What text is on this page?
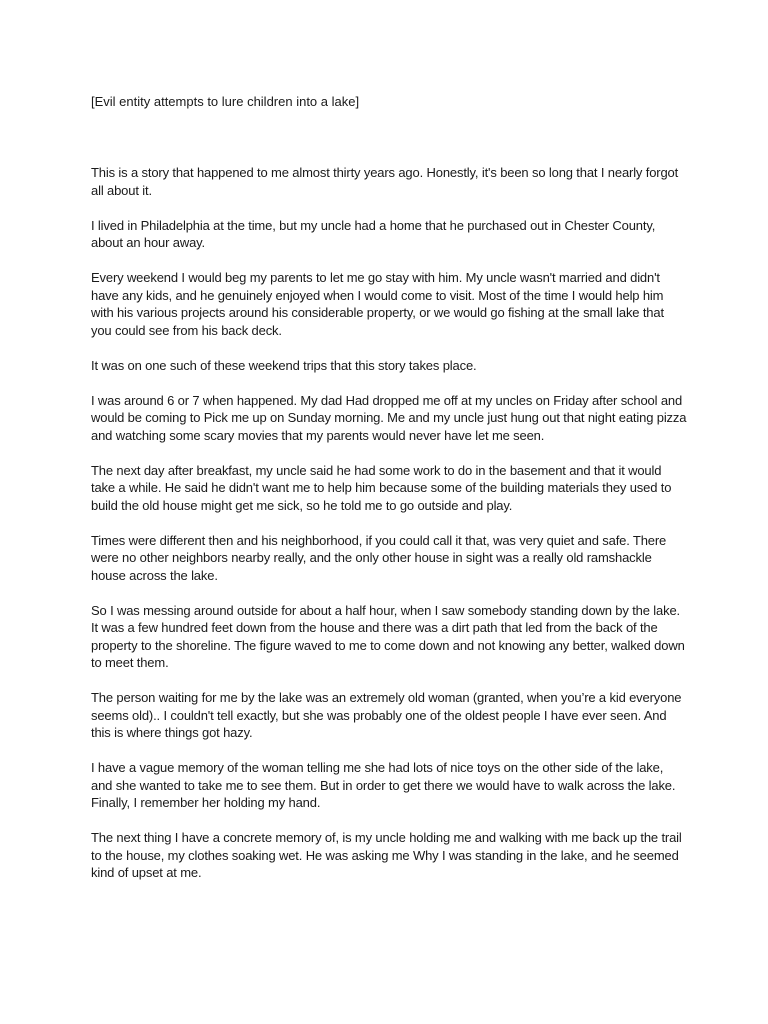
[Evil entity attempts to lure children into a lake]

This is a story that happened to me almost thirty years ago. Honestly, it's been so long that I nearly forgot all about it.

I lived in Philadelphia at the time, but my uncle had a home that he purchased out in Chester County, about an hour away.

Every weekend I would beg my parents to let me go stay with him. My uncle wasn't married and didn't have any kids, and he genuinely enjoyed when I would come to visit. Most of the time I would help him with his various projects around his considerable property, or we would go fishing at the small lake that you could see from his back deck.

It was on one such of these weekend trips that this story takes place.

I was around 6 or 7 when happened. My dad Had dropped me off at my uncles on Friday after school and would be coming to Pick me up on Sunday morning. Me and my uncle just hung out that night eating pizza and watching some scary movies that my parents would never have let me seen.

The next day after breakfast, my uncle said he had some work to do in the basement and that it would take a while. He said he didn't want me to help him because some of the building materials they used to build the old house might get me sick, so he told me to go outside and play.

Times were different then and his neighborhood, if you could call it that, was very quiet and safe. There were no other neighbors nearby really, and the only other house in sight was a really old ramshackle house across the lake.

So I was messing around outside for about a half hour, when I saw somebody standing down by the lake. It was a few hundred feet down from the house and there was a dirt path that led from the back of the property to the shoreline. The figure waved to me to come down and not knowing any better, walked down to meet them.

The person waiting for me by the lake was an extremely old woman (granted, when you’re a kid everyone seems old).. I couldn't tell exactly, but she was probably one of the oldest people I have ever seen. And this is where things got hazy.

I have a vague memory of the woman telling me she had lots of nice toys on the other side of the lake, and she wanted to take me to see them. But in order to get there we would have to walk across the lake. Finally, I remember her holding my hand.

The next thing I have a concrete memory of, is my uncle holding me and walking with me back up the trail to the house, my clothes soaking wet. He was asking me Why I was standing in the lake, and he seemed kind of upset at me.
